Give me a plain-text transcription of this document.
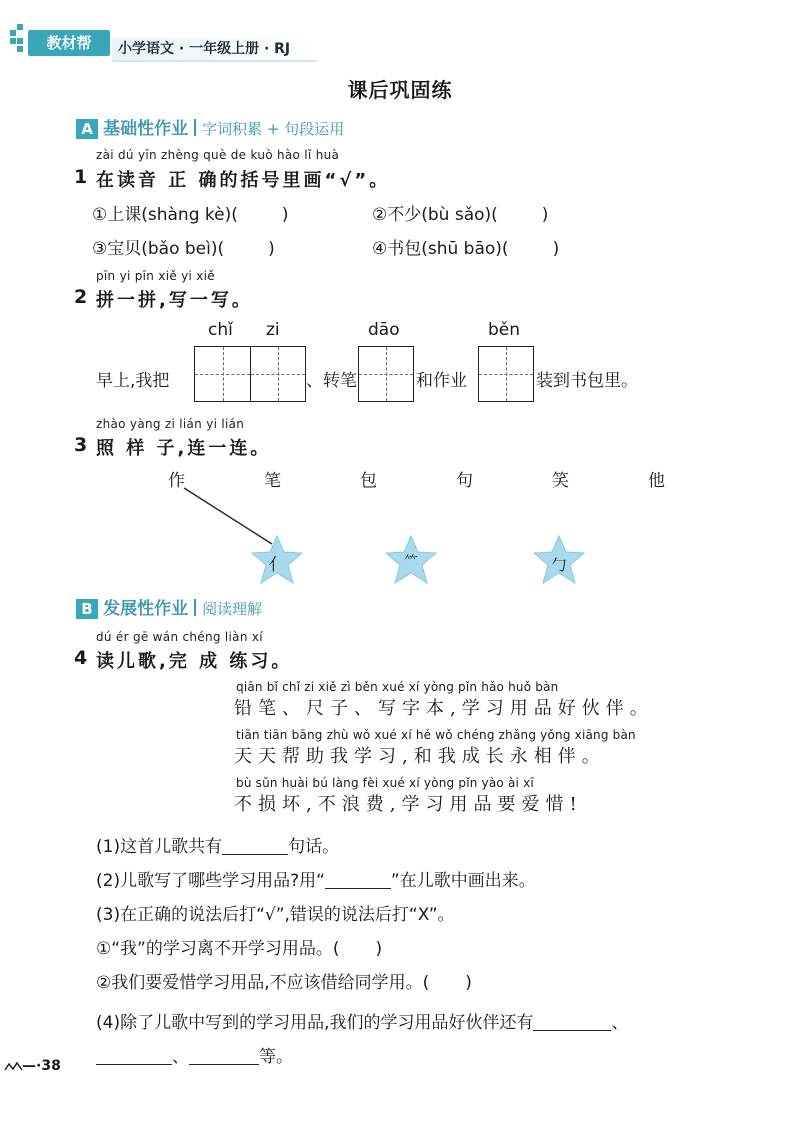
教材帮	小学语文 · 一年级上册 · RJ
课后巩固练
A 基础性作业 字词积累 + 句段运用
zài dú yīn zhèng què de kuò hào lǐ huà
1 在读音 正 确的括号里画“√”。
①上课(shàng kè)(	)	②不少(bù sǎo)(	)
③宝贝(bǎo beì)(	)	④书包(shū bāo)(	)
pīn yi pīn xiě yi xiě
2 拼一拼,写一写。
chǐ zi	dāo	běn
早上,我把	、转笔	和作业	装到书包里。
zhào yàng zi lián yi lián
3 照 样 子,连一连。
作	笔	包	句	笑	他
亻	⺮	勹
B 发展性作业 阅读理解
dú ér gē wán chéng liàn xí
4 读儿歌,完 成 练习。
qiān bǐ chǐ zi xiě zì běn xué xí yòng pǐn hǎo huǒ bàn
铅笔、尺子、写字本,学习用品好伙伴。
tiān tiān bāng zhù wǒ xué xí hé wǒ chéng zhǎng yǒng xiāng bàn
天天帮助我学习,和我成长永相伴。
bù sǔn huài bú làng fèi xué xí yòng pǐn yào ài xī
不损坏,不浪费,学习用品要爱惜!
(1)这首儿歌共有	句话。
(2)儿歌写了哪些学习用品?用“	”在儿歌中画出来。
(3)在正确的说法后打“√”,错误的说法后打“X”。
①“我”的学习离不开学习用品。( )
②我们要爱惜学习用品,不应该借给同学用。( )
(4)除了儿歌中写到的学习用品,我们的学习用品好伙伴还有	、
、	等。
—·38
